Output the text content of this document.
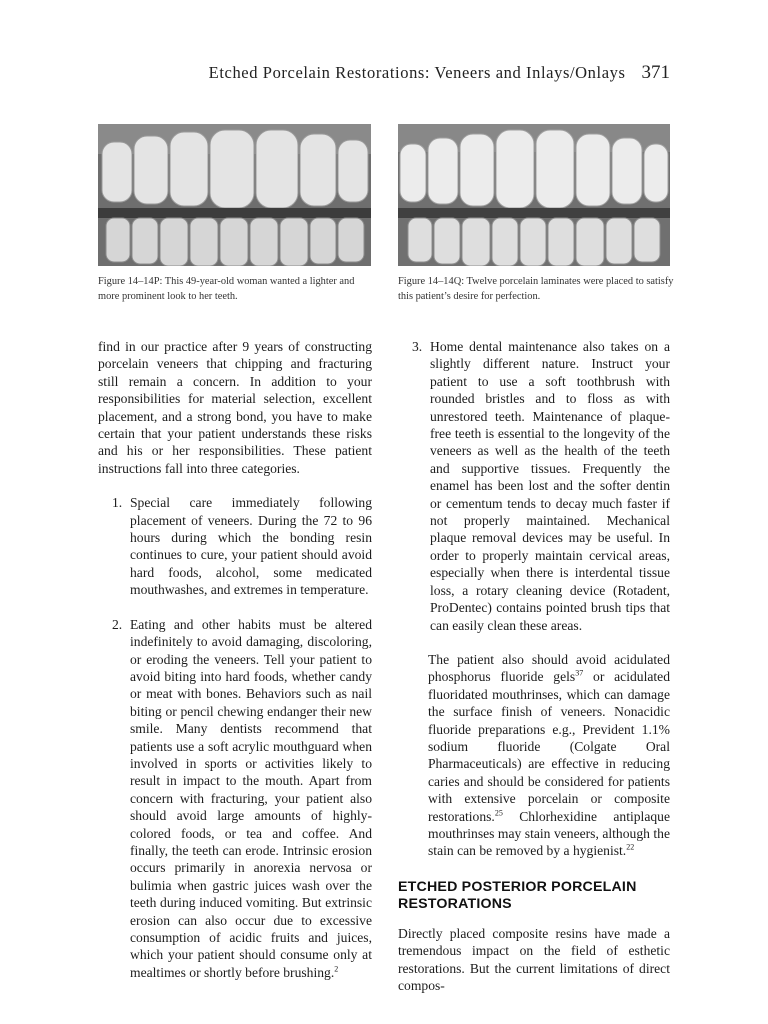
Etched Porcelain Restorations: Veneers and Inlays/Onlays 371
Figure 14–14P: This 49-year-old woman wanted a lighter and more prominent look to her teeth.
Figure 14–14Q: Twelve porcelain laminates were placed to satisfy this patient’s desire for perfection.

find in our practice after 9 years of constructing porcelain veneers that chipping and fracturing still remain a concern. In addition to your responsibilities for material selection, excellent placement, and a strong bond, you have to make certain that your patient understands these risks and his or her responsibilities. These patient instructions fall into three categories.

1. Special care immediately following placement of veneers. During the 72 to 96 hours during which the bonding resin continues to cure, your patient should avoid hard foods, alcohol, some medicated mouthwashes, and extremes in temperature.
2. Eating and other habits must be altered indefinitely to avoid damaging, discoloring, or eroding the veneers. Tell your patient to avoid biting into hard foods, whether candy or meat with bones. Behaviors such as nail biting or pencil chewing endanger their new smile. Many dentists recommend that patients use a soft acrylic mouthguard when involved in sports or activities likely to result in impact to the mouth. Apart from concern with fracturing, your patient also should avoid large amounts of highly-colored foods, or tea and coffee. And finally, the teeth can erode. Intrinsic erosion occurs primarily in anorexia nervosa or bulimia when gastric juices wash over the teeth during induced vomiting. But extrinsic erosion can also occur due to excessive consumption of acidic fruits and juices, which your patient should consume only at mealtimes or shortly before brushing.$^2$
3. Home dental maintenance also takes on a slightly different nature. Instruct your patient to use a soft toothbrush with rounded bristles and to floss as with unrestored teeth. Maintenance of plaque-free teeth is essential to the longevity of the veneers as well as the health of the teeth and supportive tissues. Frequently the enamel has been lost and the softer dentin or cementum tends to decay much faster if not properly maintained. Mechanical plaque removal devices may be useful. In order to properly maintain cervical areas, especially when there is interdental tissue loss, a rotary cleaning device (Rotadent, ProDentec) contains pointed brush tips that can easily clean these areas.

The patient also should avoid acidulated phosphorus fluoride gels$^{37}$ or acidulated fluoridated mouthrinses, which can damage the surface finish of veneers. Nonacidic fluoride preparations e.g., Prevident 1.1% sodium fluoride (Colgate Oral Pharmaceuticals) are effective in reducing caries and should be considered for patients with extensive porcelain or composite restorations.$^{25}$ Chlorhexidine antiplaque mouthrinses may stain veneers, although the stain can be removed by a hygienist.$^{22}$

ETCHED POSTERIOR PORCELAIN RESTORATIONS

Directly placed composite resins have made a tremendous impact on the field of esthetic restorations. But the current limitations of direct compos-
